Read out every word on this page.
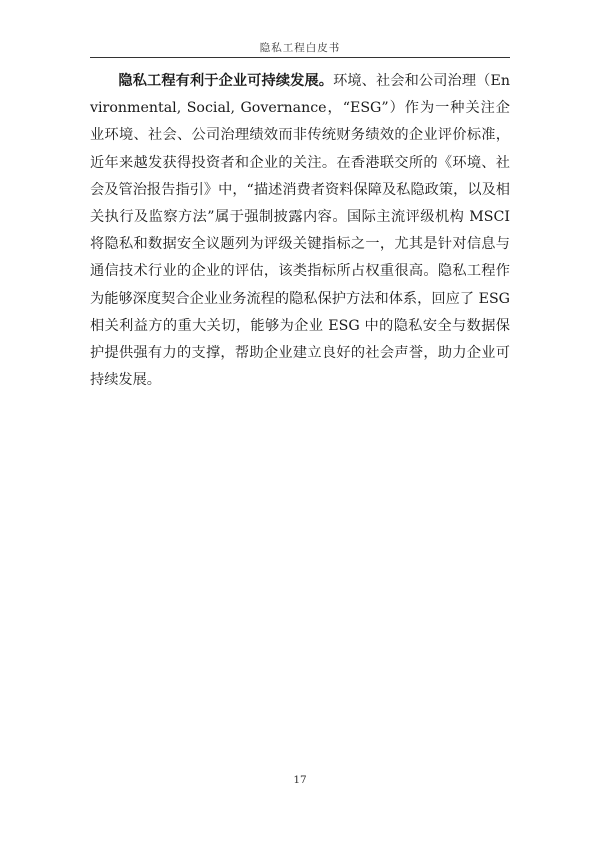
隐私工程白皮书

隐私工程有利于企业可持续发展。环境、社会和公司治理（Environmental, Social, Governance，“ESG”）作为一种关注企业环境、社会、公司治理绩效而非传统财务绩效的企业评价标准，近年来越发获得投资者和企业的关注。在香港联交所的《环境、社会及管治报告指引》中，“描述消费者资料保障及私隐政策，以及相关执行及监察方法”属于强制披露内容。国际主流评级机构 MSCI 将隐私和数据安全议题列为评级关键指标之一，尤其是针对信息与通信技术行业的企业的评估，该类指标所占权重很高。隐私工程作为能够深度契合企业业务流程的隐私保护方法和体系，回应了 ESG 相关利益方的重大关切，能够为企业 ESG 中的隐私安全与数据保护提供强有力的支撑，帮助企业建立良好的社会声誉，助力企业可持续发展。

17
